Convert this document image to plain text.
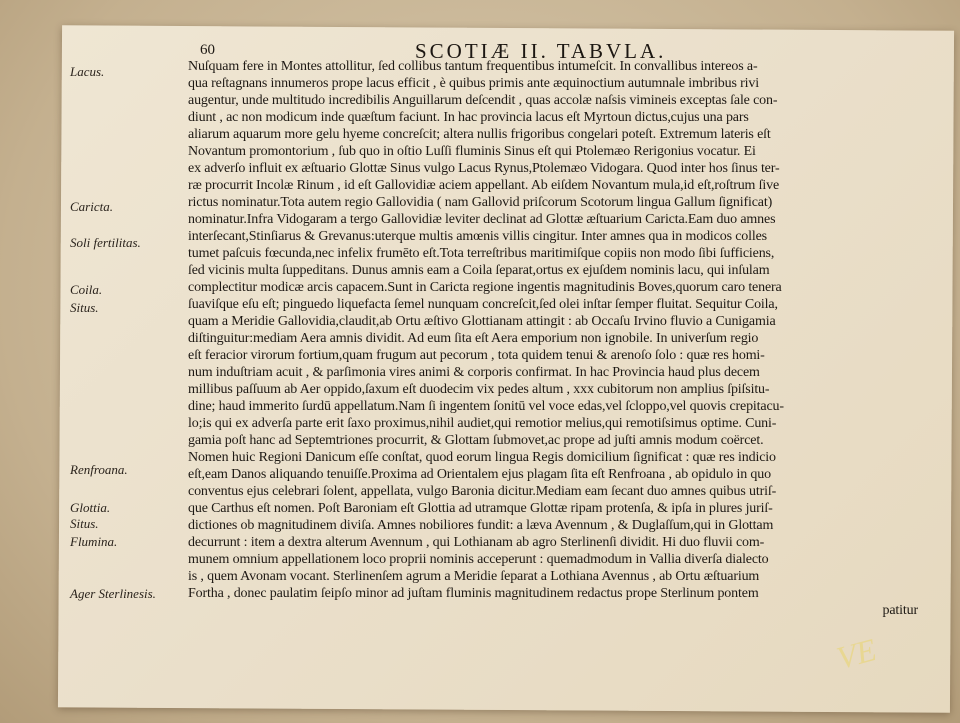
60	SCOTIÆ II. TABVLA.
Lacus.
Caricta.
Soli fertilitas.
Coila.
Situs.
Renfroana.
Glottia.
Situs.
Flumina.
Ager Sterlinesis.
Nuſquam fere in Montes attollitur, ſed collibus tantum frequentibus intumeſcit. In convallibus intereos a-
qua reſtagnans innumeros prope lacus efficit , è quibus primis ante æquinoctium autumnale imbribus rivi
augentur, unde multitudo incredibilis Anguillarum deſcendit , quas accolæ naſsis vimineis exceptas ſale con-
diunt , ac non modicum inde quæſtum faciunt. In hac provincia lacus eſt Myrtoun dictus,cujus una pars
aliarum aquarum more gelu hyeme concreſcit; altera nullis frigoribus congelari poteſt. Extremum lateris eſt
Novantum promontorium , ſub quo in oſtio Luſſi fluminis Sinus eſt qui Ptolemæo Rerigonius vocatur. Ei
ex adverſo influit ex æſtuario Glottæ Sinus vulgo Lacus Rynus,Ptolemæo Vidogara. Quod inter hos ſinus ter-
ræ procurrit Incolæ Rinum , id eſt Gallovidiæ aciem appellant. Ab eiſdem Novantum mula,id eſt,roſtrum ſive
rictus nominatur.Tota autem regio Gallovidia ( nam Gallovid priſcorum Scotorum lingua Gallum ſignificat)
nominatur.Infra Vidogaram a tergo Gallovidiæ leviter declinat ad Glottæ æſtuarium Caricta.Eam duo amnes
interſecant,Stinſiarus & Grevanus:uterque multis amœnis villis cingitur. Inter amnes qua in modicos colles
tumet paſcuis fœcunda,nec infelix frumēto eſt.Tota terreſtribus maritimiſque copiis non modo ſibi ſufficiens,
ſed vicinis multa ſuppeditans. Dunus amnis eam a Coila ſeparat,ortus ex ejuſdem nominis lacu, qui inſulam
complectitur modicæ arcis capacem.Sunt in Caricta regione ingentis magnitudinis Boves,quorum caro tenera
ſuaviſque eſu eſt; pinguedo liquefacta ſemel nunquam concreſcit,ſed olei inſtar ſemper fluitat. Sequitur Coila,
quam a Meridie Gallovidia,claudit,ab Ortu æſtivo Glottianam attingit : ab Occaſu Irvino fluvio a Cunigamia
diſtinguitur:mediam Aera amnis dividit. Ad eum ſita eſt Aera emporium non ignobile. In univerſum regio
eſt feracior virorum fortium,quam frugum aut pecorum , tota quidem tenui & arenoſo ſolo : quæ res homi-
num induſtriam acuit , & parſimonia vires animi & corporis confirmat. In hac Provincia haud plus decem
millibus paſſuum ab Aer oppido,ſaxum eſt duodecim vix pedes altum , xxx cubitorum non amplius ſpiſsitu-
dine; haud immerito ſurdū appellatum.Nam ſi ingentem ſonitū vel voce edas,vel ſcloppo,vel quovis crepitacu-
lo;is qui ex adverſa parte erit ſaxo proximus,nihil audiet,qui remotior melius,qui remotiſsimus optime. Cuni-
gamia poſt hanc ad Septemtriones procurrit, & Glottam ſubmovet,ac prope ad juſti amnis modum coërcet.
Nomen huic Regioni Danicum eſſe conſtat, quod eorum lingua Regis domicilium ſignificat : quæ res indicio
eſt,eam Danos aliquando tenuiſſe.Proxima ad Orientalem ejus plagam ſita eſt Renfroana , ab opidulo in quo
conventus ejus celebrari ſolent, appellata, vulgo Baronia dicitur.Mediam eam ſecant duo amnes quibus utriſ-
que Carthus eſt nomen. Poſt Baroniam eſt Glottia ad utramque Glottæ ripam protenſa, & ipſa in plures juriſ-
dictiones ob magnitudinem diviſa. Amnes nobiliores fundit: a læva Avennum , & Duglaſſum,qui in Glottam
decurrunt : item a dextra alterum Avennum , qui Lothianam ab agro Sterlinenſi dividit. Hi duo fluvii com-
munem omnium appellationem loco proprii nominis acceperunt : quemadmodum in Vallia diverſa dialecto
is , quem Avonam vocant. Sterlinenſem agrum a Meridie ſeparat a Lothiana Avennus , ab Ortu æſtuarium
Fortha , donec paulatim ſeipſo minor ad juſtam fluminis magnitudinem redactus prope Sterlinum pontem
patitur
VE
